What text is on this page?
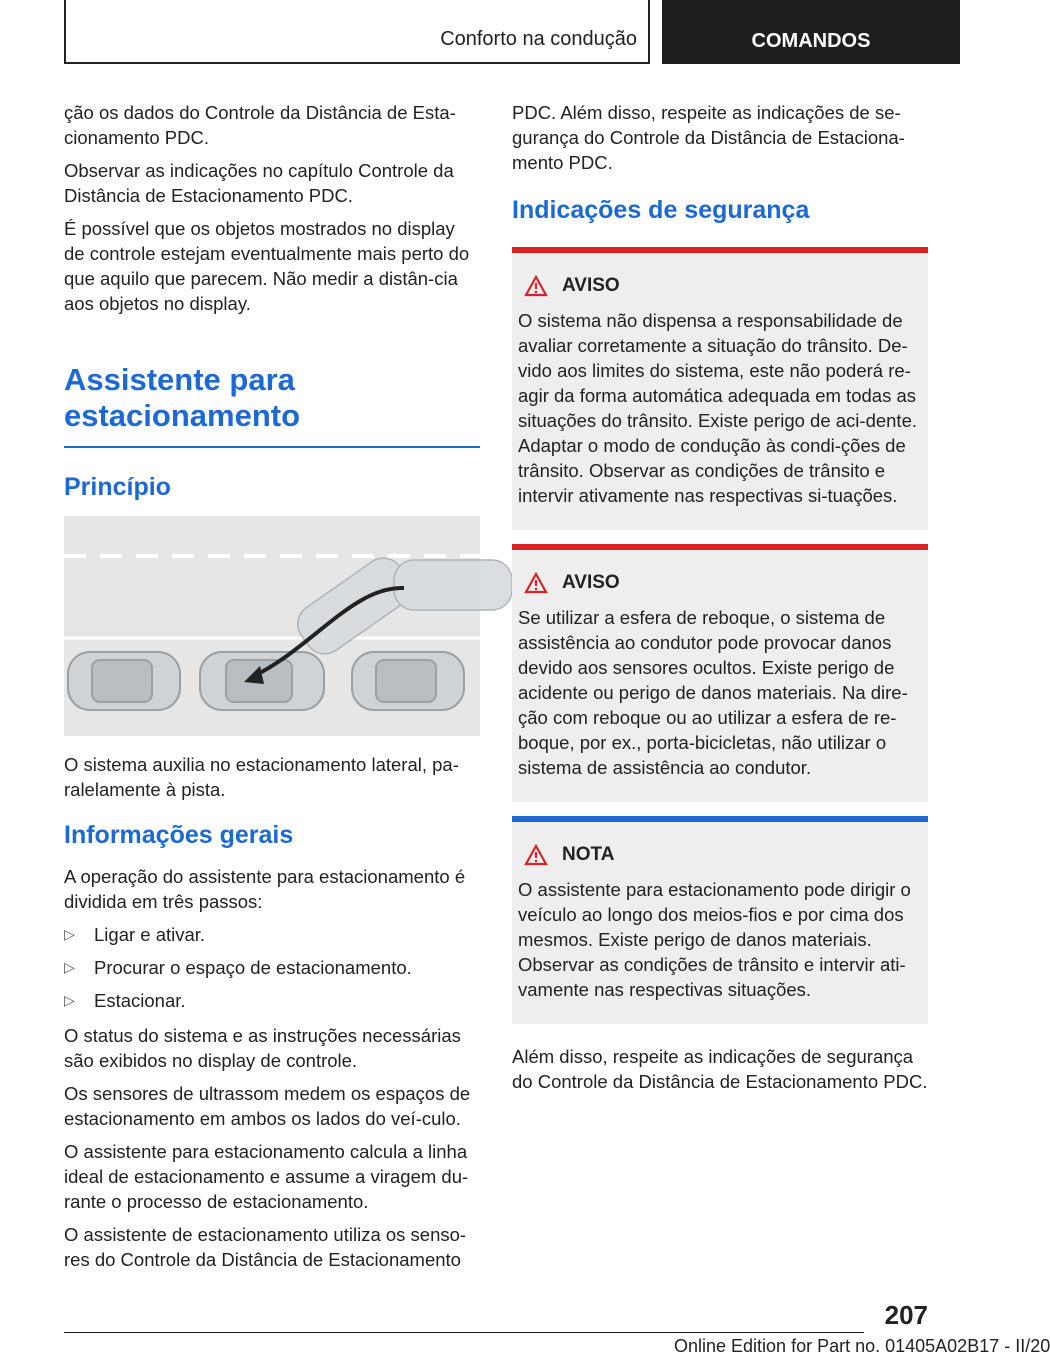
Conforto na condução	COMANDOS

ção os dados do Controle da Distância de Esta-cionamento PDC.

Observar as indicações no capítulo Controle da Distância de Estacionamento PDC.

É possível que os objetos mostrados no display de controle estejam eventualmente mais perto do que aquilo que parecem. Não medir a distân-cia aos objetos no display.

Assistente para estacionamento
Princípio

O sistema auxilia no estacionamento lateral, pa-ralelamente à pista.

Informações gerais

A operação do assistente para estacionamento é dividida em três passos:

▷	Ligar e ativar.
▷	Procurar o espaço de estacionamento.
▷	Estacionar.

O status do sistema e as instruções necessárias são exibidos no display de controle.

Os sensores de ultrassom medem os espaços de estacionamento em ambos os lados do veí-culo.

O assistente para estacionamento calcula a linha ideal de estacionamento e assume a viragem du-rante o processo de estacionamento.

O assistente de estacionamento utiliza os senso-res do Controle da Distância de Estacionamento

PDC. Além disso, respeite as indicações de se-gurança do Controle da Distância de Estaciona-mento PDC.

Indicações de segurança
AVISO
O sistema não dispensa a responsabilidade de avaliar corretamente a situação do trânsito. De-vido aos limites do sistema, este não poderá re-agir da forma automática adequada em todas as situações do trânsito. Existe perigo de aci-dente. Adaptar o modo de condução às condi-ções de trânsito. Observar as condições de trânsito e intervir ativamente nas respectivas si-tuações.
AVISO
Se utilizar a esfera de reboque, o sistema de assistência ao condutor pode provocar danos devido aos sensores ocultos. Existe perigo de acidente ou perigo de danos materiais. Na dire-ção com reboque ou ao utilizar a esfera de re-boque, por ex., porta-bicicletas, não utilizar o sistema de assistência ao condutor.
NOTA
O assistente para estacionamento pode dirigir o veículo ao longo dos meios-fios e por cima dos mesmos. Existe perigo de danos materiais. Observar as condições de trânsito e intervir ati-vamente nas respectivas situações.

Além disso, respeite as indicações de segurança do Controle da Distância de Estacionamento PDC.

207
Online Edition for Part no. 01405A02B17 - II/20
